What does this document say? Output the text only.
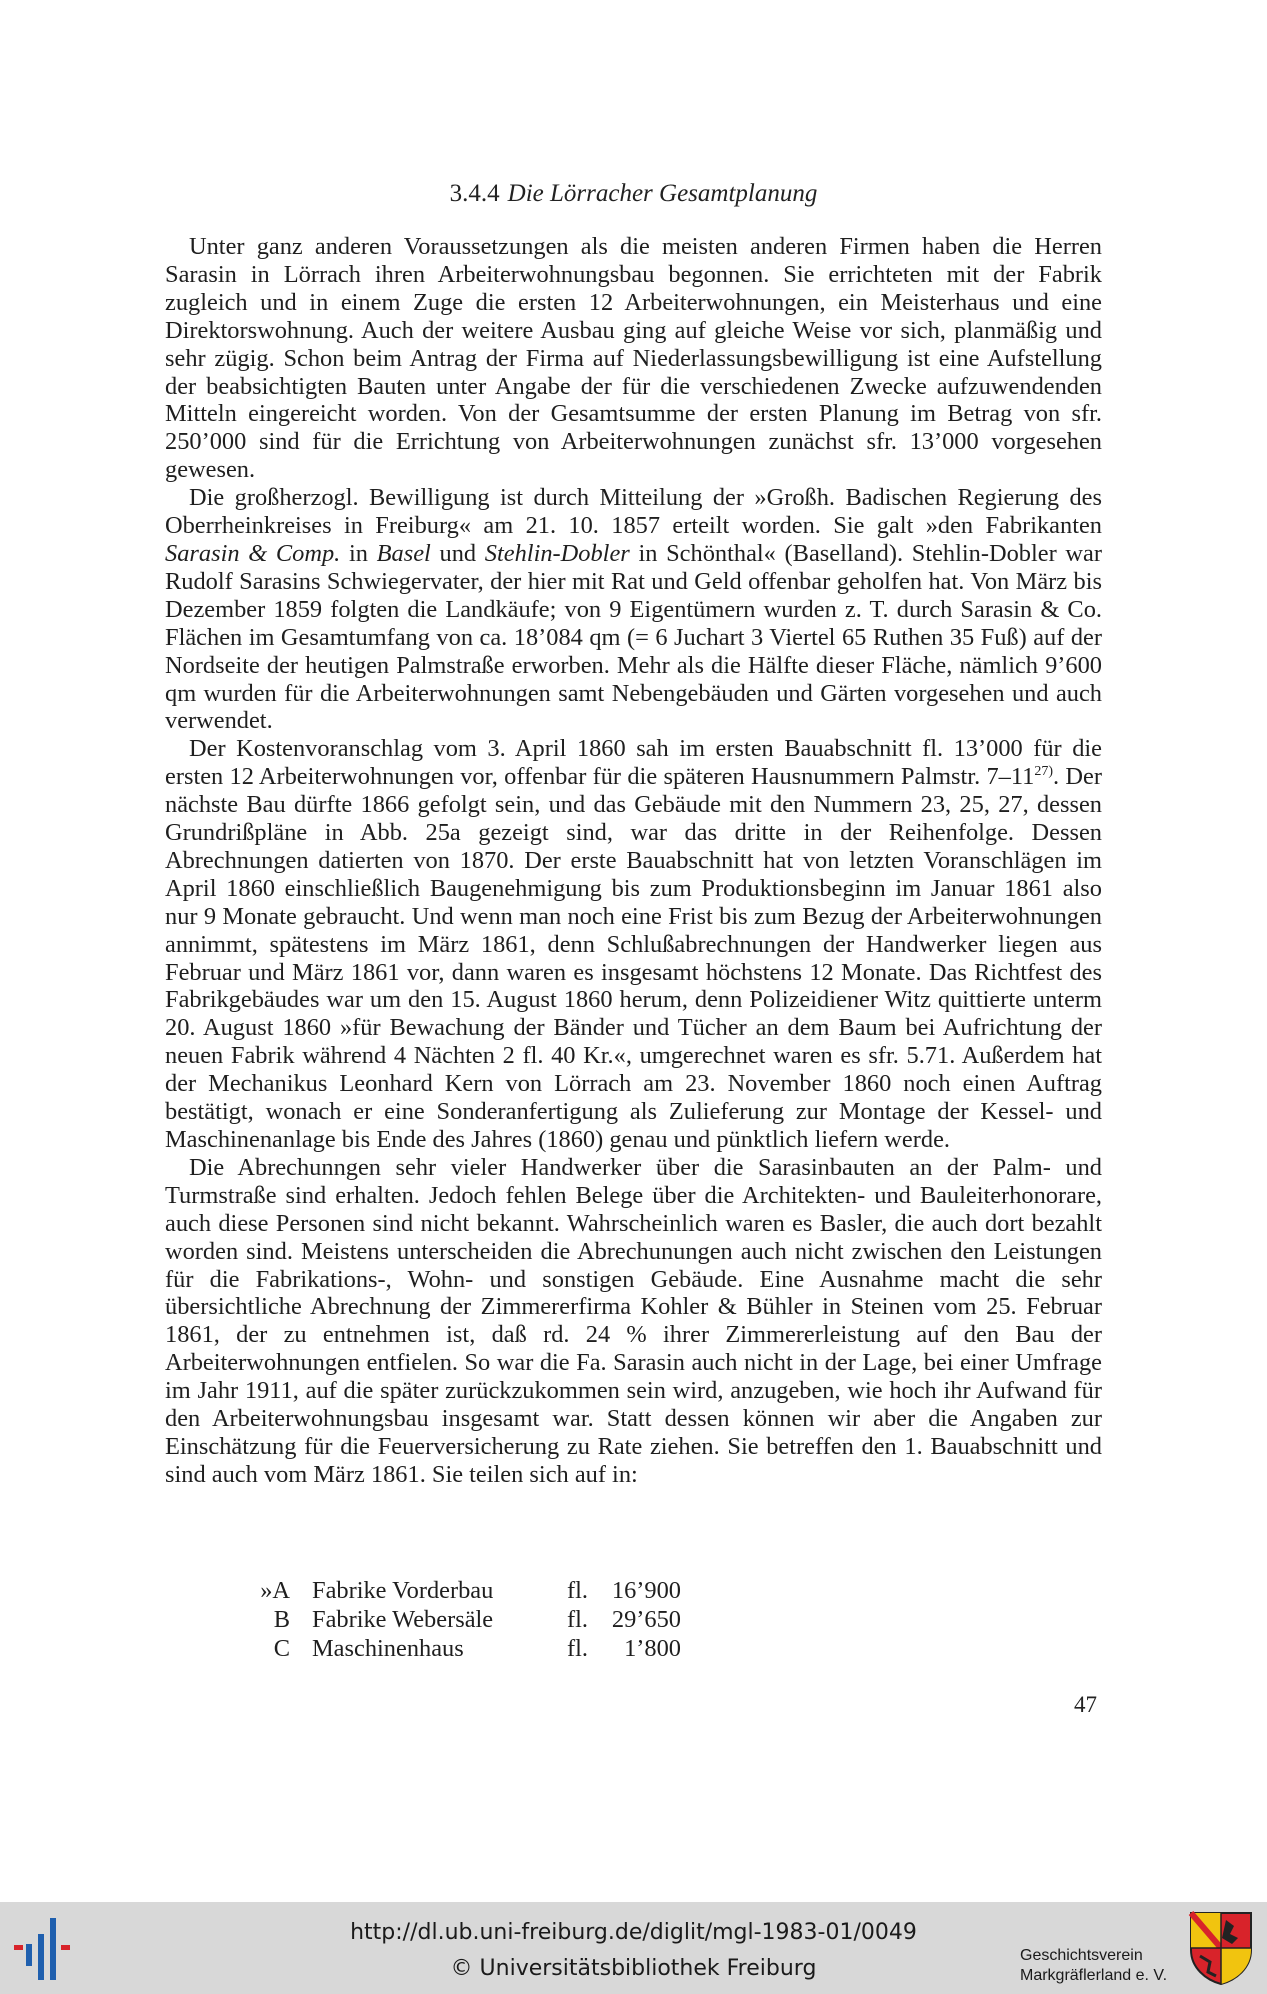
3.4.4 Die Lörracher Gesamtplanung

Unter ganz anderen Voraussetzungen als die meisten anderen Firmen haben die Herren Sarasin in Lörrach ihren Arbeiterwohnungsbau begonnen. Sie errichteten mit der Fabrik zugleich und in einem Zuge die ersten 12 Arbeiterwohnungen, ein Meisterhaus und eine Direktorswohnung. Auch der weitere Ausbau ging auf gleiche Weise vor sich, planmäßig und sehr zügig. Schon beim Antrag der Firma auf Niederlassungsbewilligung ist eine Aufstellung der beabsichtigten Bauten unter Angabe der für die verschiedenen Zwecke aufzuwendenden Mitteln eingereicht worden. Von der Gesamtsumme der ersten Planung im Betrag von sfr. 250’000 sind für die Errichtung von Arbeiterwohnungen zunächst sfr. 13’000 vorgesehen gewesen.

Die großherzogl. Bewilligung ist durch Mitteilung der »Großh. Badischen Regierung des Oberrheinkreises in Freiburg« am 21. 10. 1857 erteilt worden. Sie galt »den Fabrikanten Sarasin & Comp. in Basel und Stehlin-Dobler in Schönthal« (Baselland). Stehlin-Dobler war Rudolf Sarasins Schwiegervater, der hier mit Rat und Geld offenbar geholfen hat. Von März bis Dezember 1859 folgten die Landkäufe; von 9 Eigentümern wurden z. T. durch Sarasin & Co. Flächen im Gesamtumfang von ca. 18’084 qm (= 6 Juchart 3 Viertel 65 Ruthen 35 Fuß) auf der Nordseite der heutigen Palmstraße erworben. Mehr als die Hälfte dieser Fläche, nämlich 9’600 qm wurden für die Arbeiterwohnungen samt Nebengebäuden und Gärten vorgesehen und auch verwendet.

Der Kostenvoranschlag vom 3. April 1860 sah im ersten Bauabschnitt fl. 13’000 für die ersten 12 Arbeiterwohnungen vor, offenbar für die späteren Hausnummern Palmstr. 7–11$^{27)}$. Der nächste Bau dürfte 1866 gefolgt sein, und das Gebäude mit den Nummern 23, 25, 27, dessen Grundrißpläne in Abb. 25a gezeigt sind, war das dritte in der Reihenfolge. Dessen Abrechnungen datierten von 1870. Der erste Bauabschnitt hat von letzten Voranschlägen im April 1860 einschließlich Baugenehmigung bis zum Produktionsbeginn im Januar 1861 also nur 9 Monate gebraucht. Und wenn man noch eine Frist bis zum Bezug der Arbeiterwohnungen annimmt, spätestens im März 1861, denn Schlußabrechnungen der Handwerker liegen aus Februar und März 1861 vor, dann waren es insgesamt höchstens 12 Monate. Das Richtfest des Fabrikgebäudes war um den 15. August 1860 herum, denn Polizeidiener Witz quittierte unterm 20. August 1860 »für Bewachung der Bänder und Tücher an dem Baum bei Aufrichtung der neuen Fabrik während 4 Nächten 2 fl. 40 Kr.«, umgerechnet waren es sfr. 5.71. Außerdem hat der Mechanikus Leonhard Kern von Lörrach am 23. November 1860 noch einen Auftrag bestätigt, wonach er eine Sonderanfertigung als Zulieferung zur Montage der Kessel- und Maschinenanlage bis Ende des Jahres (1860) genau und pünktlich liefern werde.

Die Abrechunngen sehr vieler Handwerker über die Sarasinbauten an der Palm- und Turmstraße sind erhalten. Jedoch fehlen Belege über die Architekten- und Bauleiterhonorare, auch diese Personen sind nicht bekannt. Wahrscheinlich waren es Basler, die auch dort bezahlt worden sind. Meistens unterscheiden die Abrechunungen auch nicht zwischen den Leistungen für die Fabrikations-, Wohn- und sonstigen Gebäude. Eine Ausnahme macht die sehr übersichtliche Abrechnung der Zimmererfirma Kohler & Bühler in Steinen vom 25. Februar 1861, der zu entnehmen ist, daß rd. 24 % ihrer Zimmererleistung auf den Bau der Arbeiterwohnungen entfielen. So war die Fa. Sarasin auch nicht in der Lage, bei einer Umfrage im Jahr 1911, auf die später zurückzukommen sein wird, anzugeben, wie hoch ihr Aufwand für den Arbeiterwohnungsbau insgesamt war. Statt dessen können wir aber die Angaben zur Einschätzung für die Feuerversicherung zu Rate ziehen. Sie betreffen den 1. Bauabschnitt und sind auch vom März 1861. Sie teilen sich auf in:

»A	Fabrike Vorderbau	fl.	16’900
B	Fabrike Webersäle	fl.	29’650
C	Maschinenhaus	fl.	1’800
47
http://dl.ub.uni-freiburg.de/diglit/mgl-1983-01/0049
© Universitätsbibliothek Freiburg
Geschichtsverein
Markgräflerland e. V.
